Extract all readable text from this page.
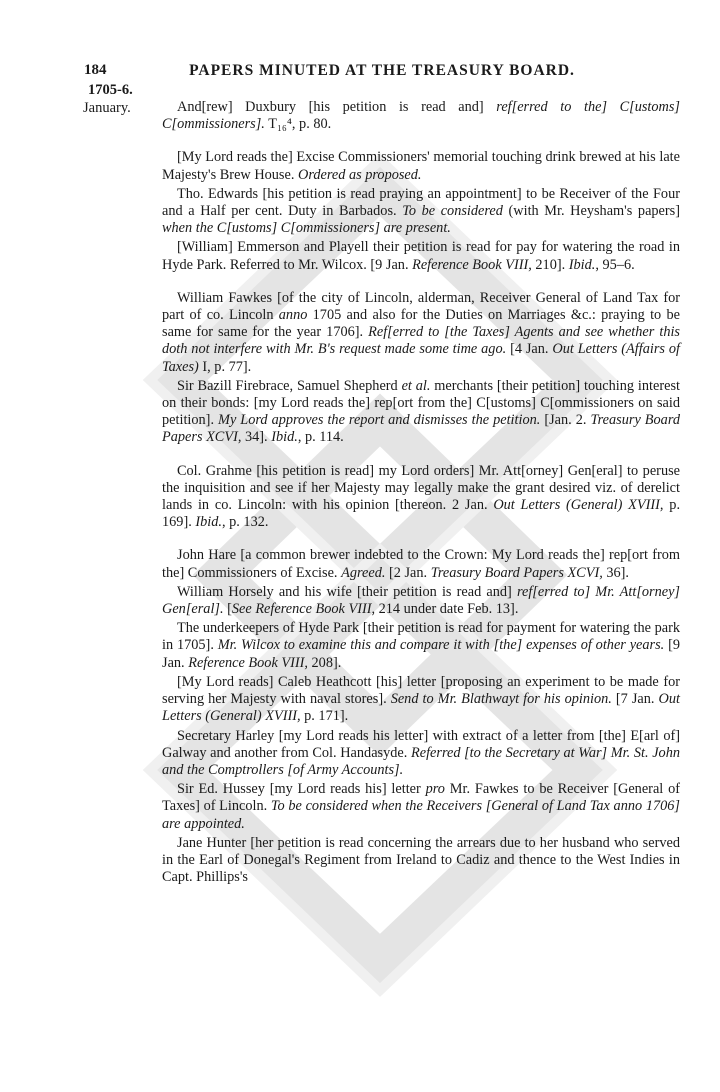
184	PAPERS MINUTED AT THE TREASURY BOARD.
1705-6.
January.	And[rew] Duxbury [his petition is read and] ref[erred to the] C[ustoms] C[ommissioners]. T₁₆⁴, p. 80.

[My Lord reads the] Excise Commissioners' memorial touching drink brewed at his late Majesty's Brew House. Ordered as proposed.

Tho. Edwards [his petition is read praying an appointment] to be Receiver of the Four and a Half per cent. Duty in Barbados. To be considered (with Mr. Heysham's papers] when the C[ustoms] C[ommissioners] are present.

[William] Emmerson and Playell their petition is read for pay for watering the road in Hyde Park. Referred to Mr. Wilcox. [9 Jan. Reference Book VIII, 210]. Ibid., 95–6.

William Fawkes [of the city of Lincoln, alderman, Receiver General of Land Tax for part of co. Lincoln anno 1705 and also for the Duties on Marriages &c.: praying to be same for same for the year 1706]. Ref[erred to [the Taxes] Agents and see whether this doth not interfere with Mr. B's request made some time ago. [4 Jan. Out Letters (Affairs of Taxes) I, p. 77].

Sir Bazill Firebrace, Samuel Shepherd et al. merchants [their petition] touching interest on their bonds: [my Lord reads the] rep[ort from the] C[ustoms] C[ommissioners on said petition]. My Lord approves the report and dismisses the petition. [Jan. 2. Treasury Board Papers XCVI, 34]. Ibid., p. 114.

Col. Grahme [his petition is read] my Lord orders] Mr. Att[orney] Gen[eral] to peruse the inquisition and see if her Majesty may legally make the grant desired viz. of derelict lands in co. Lincoln: with his opinion [thereon. 2 Jan. Out Letters (General) XVIII, p. 169]. Ibid., p. 132.

John Hare [a common brewer indebted to the Crown: My Lord reads the] rep[ort from the] Commissioners of Excise. Agreed. [2 Jan. Treasury Board Papers XCVI, 36].

William Horsely and his wife [their petition is read and] ref[erred to] Mr. Att[orney] Gen[eral]. [See Reference Book VIII, 214 under date Feb. 13].

The underkeepers of Hyde Park [their petition is read for payment for watering the park in 1705]. Mr. Wilcox to examine this and compare it with [the] expenses of other years. [9 Jan. Reference Book VIII, 208].

[My Lord reads] Caleb Heathcott [his] letter [proposing an experiment to be made for serving her Majesty with naval stores]. Send to Mr. Blathwayt for his opinion. [7 Jan. Out Letters (General) XVIII, p. 171].

Secretary Harley [my Lord reads his letter] with extract of a letter from [the] E[arl of] Galway and another from Col. Handasyde. Referred [to the Secretary at War] Mr. St. John and the Comptrollers [of Army Accounts].

Sir Ed. Hussey [my Lord reads his] letter pro Mr. Fawkes to be Receiver [General of Taxes] of Lincoln. To be considered when the Receivers [General of Land Tax anno 1706] are appointed.

Jane Hunter [her petition is read concerning the arrears due to her husband who served in the Earl of Donegal's Regiment from Ireland to Cadiz and thence to the West Indies in Capt. Phillips's
